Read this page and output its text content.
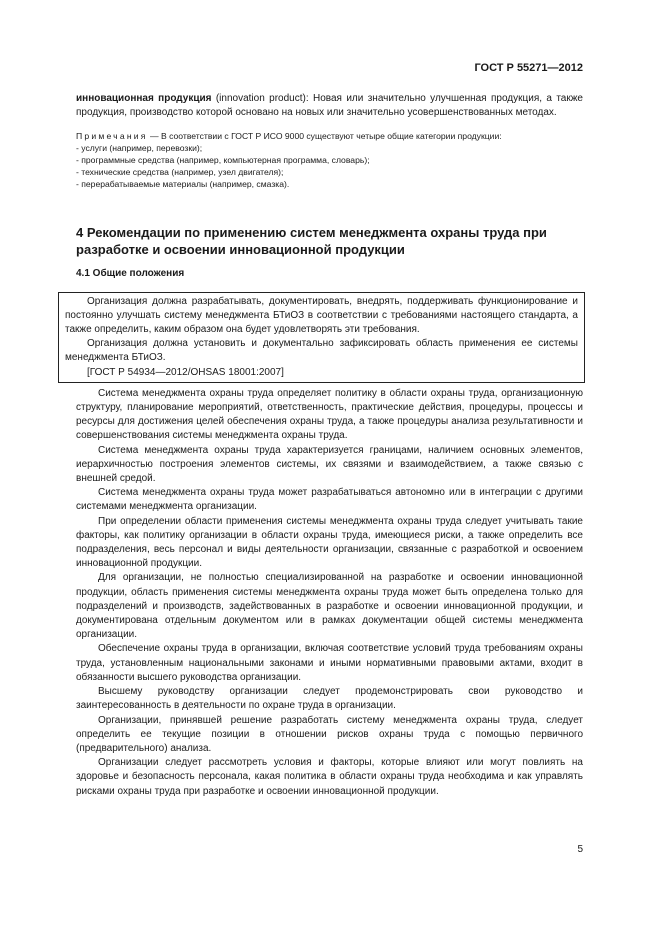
ГОСТ Р 55271—2012

инновационная продукция (innovation product): Новая или значительно улучшенная продукция, а также продукция, производство которой основано на новых или значительно усовершенствованных методах.

Примечания — В соответствии с ГОСТ Р ИСО 9000 существуют четыре общие категории продукции:
- услуги (например, перевозки);
- программные средства (например, компьютерная программа, словарь);
- технические средства (например, узел двигателя);
- перерабатываемые материалы (например, смазка).
4 Рекомендации по применению систем менеджмента охраны труда при разработке и освоении инновационной продукции
4.1 Общие положения

Организация должна разрабатывать, документировать, внедрять, поддерживать функционирование и постоянно улучшать систему менеджмента БТиОЗ в соответствии с требованиями настоящего стандарта, а также определить, каким образом она будет удовлетворять эти требования.

Организация должна установить и документально зафиксировать область применения ее системы менеджмента БТиОЗ.

[ГОСТ Р 54934—2012/OHSAS 18001:2007]

Система менеджмента охраны труда определяет политику в области охраны труда, организационную структуру, планирование мероприятий, ответственность, практические действия, процедуры, процессы и ресурсы для достижения целей обеспечения охраны труда, а также процедуры анализа результативности и совершенствования системы менеджмента охраны труда.

Система менеджмента охраны труда характеризуется границами, наличием основных элементов, иерархичностью построения элементов системы, их связями и взаимодействием, а также связью с внешней средой.

Система менеджмента охраны труда может разрабатываться автономно или в интеграции с другими системами менеджмента организации.

При определении области применения системы менеджмента охраны труда следует учитывать такие факторы, как политику организации в области охраны труда, имеющиеся риски, а также определить все подразделения, весь персонал и виды деятельности организации, связанные с разработкой и освоением инновационной продукции.

Для организации, не полностью специализированной на разработке и освоении инновационной продукции, область применения системы менеджмента охраны труда может быть определена только для подразделений и производств, задействованных в разработке и освоении инновационной продукции, и документирована отдельным документом или в рамках документации общей системы менеджмента организации.

Обеспечение охраны труда в организации, включая соответствие условий труда требованиям охраны труда, установленным национальными законами и иными нормативными правовыми актами, входит в обязанности высшего руководства организации.

Высшему руководству организации следует продемонстрировать свои руководство и заинтересованность в деятельности по охране труда в организации.

Организации, принявшей решение разработать систему менеджмента охраны труда, следует определить ее текущие позиции в отношении рисков охраны труда с помощью первичного (предварительного) анализа.

Организации следует рассмотреть условия и факторы, которые влияют или могут повлиять на здоровье и безопасность персонала, какая политика в области охраны труда необходима и как управлять рисками охраны труда при разработке и освоении инновационной продукции.

5
